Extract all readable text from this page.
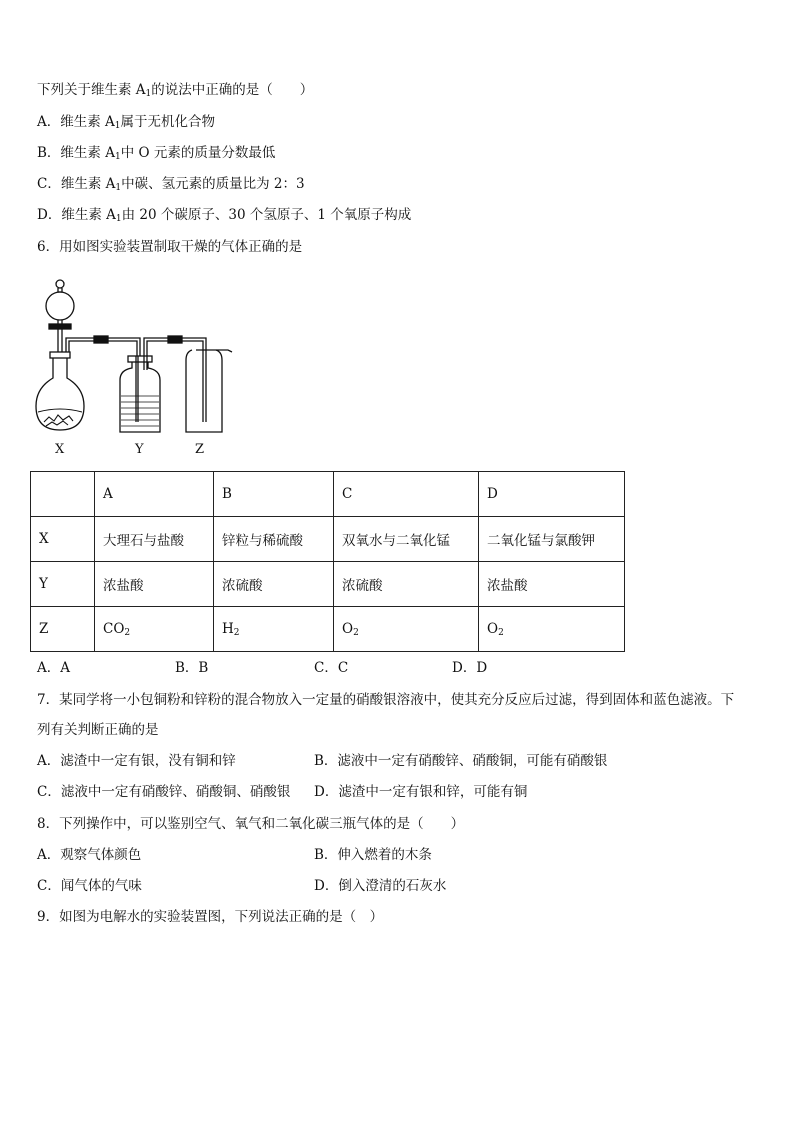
下列关于维生素 $A_1$的说法中正确的是（　　）
A．维生素 $A_1$属于无机化合物
B．维生素 $A_1$中 O 元素的质量分数最低
C．维生素 $A_1$中碳、氢元素的质量比为 2：3
D．维生素 $A_1$由 20 个碳原子、30 个氢原子、1 个氧原子构成
6．用如图实验装置制取干燥的气体正确的是
X	Y	Z
	A	B	C	D
X	大理石与盐酸	锌粒与稀硫酸	双氧水与二氧化锰	二氧化锰与氯酸钾
Y	浓盐酸	浓硫酸	浓硫酸	浓盐酸
Z	$CO_2$	$H_2$	$O_2$	$O_2$
A．A	B．B	C．C	D．D
7．某同学将一小包铜粉和锌粉的混合物放入一定量的硝酸银溶液中，使其充分反应后过滤，得到固体和蓝色滤液。下
列有关判断正确的是
A．滤渣中一定有银，没有铜和锌	B．滤液中一定有硝酸锌、硝酸铜，可能有硝酸银
C．滤液中一定有硝酸锌、硝酸铜、硝酸银 D．滤渣中一定有银和锌，可能有铜
8．下列操作中，可以鉴别空气、氧气和二氧化碳三瓶气体的是（　　）
A．观察气体颜色	B．伸入燃着的木条
C．闻气体的气味	D．倒入澄清的石灰水
9．如图为电解水的实验装置图，下列说法正确的是（　）
